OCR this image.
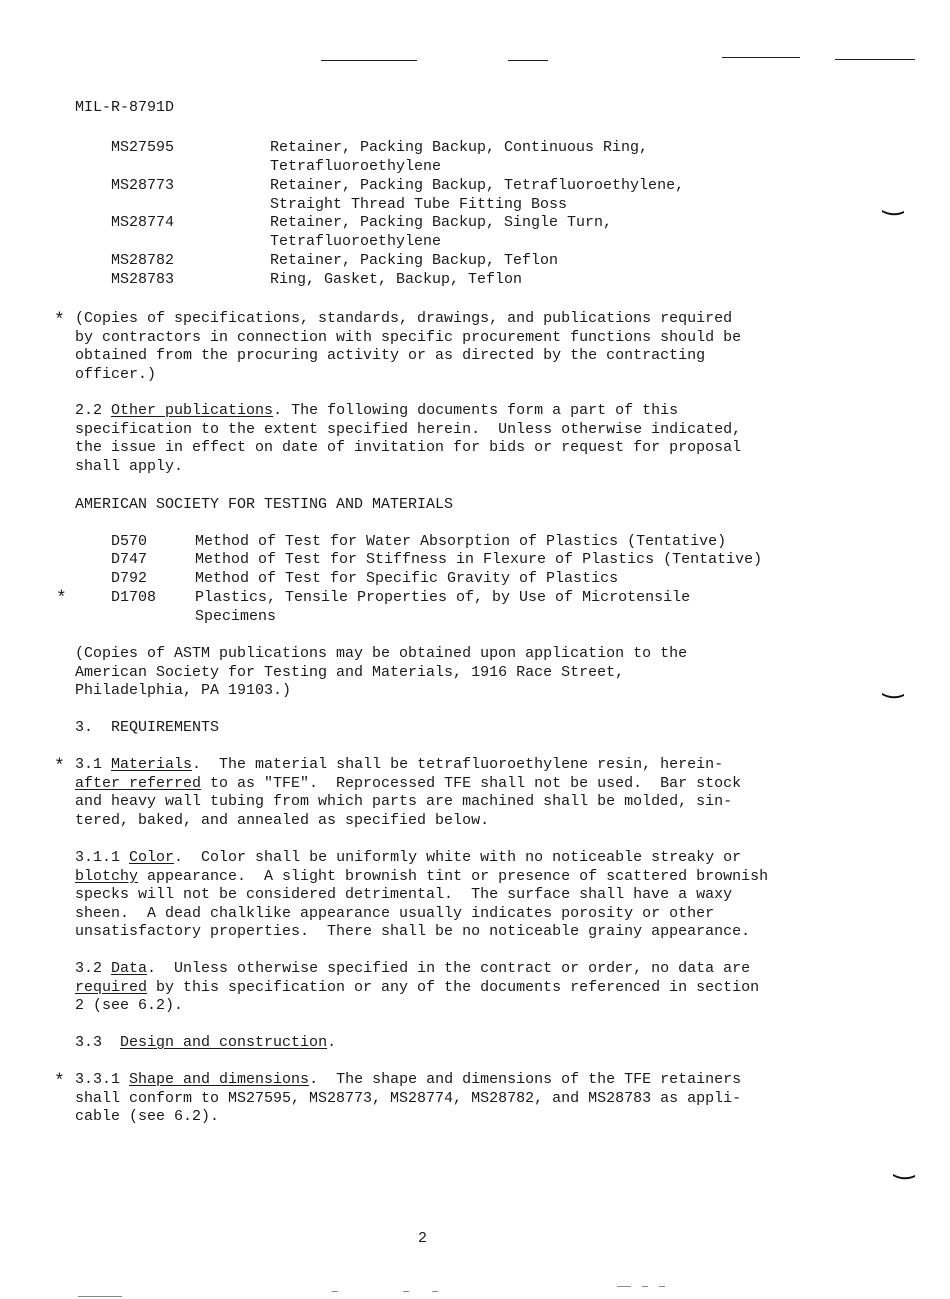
MIL-R-8791D
MS27595	Retainer, Packing Backup, Continuous Ring,
Tetrafluoroethylene
MS28773	Retainer, Packing Backup, Tetrafluoroethylene,
Straight Thread Tube Fitting Boss
MS28774	Retainer, Packing Backup, Single Turn,
Tetrafluoroethylene
MS28782	Retainer, Packing Backup, Teflon
MS28783	Ring, Gasket, Backup, Teflon
* (Copies of specifications, standards, drawings, and publications required
by contractors in connection with specific procurement functions should be
obtained from the procuring activity or as directed by the contracting
officer.)
2.2 Other publications. The following documents form a part of this
specification to the extent specified herein.  Unless otherwise indicated,
the issue in effect on date of invitation for bids or request for proposal
shall apply.
AMERICAN SOCIETY FOR TESTING AND MATERIALS
D570	Method of Test for Water Absorption of Plastics (Tentative)
D747	Method of Test for Stiffness in Flexure of Plastics (Tentative)
D792	Method of Test for Specific Gravity of Plastics
*	D1708	Plastics, Tensile Properties of, by Use of Microtensile
Specimens
(Copies of ASTM publications may be obtained upon application to the
American Society for Testing and Materials, 1916 Race Street,
Philadelphia, PA 19103.)
3. REQUIREMENTS
* 3.1 Materials.  The material shall be tetrafluoroethylene resin, herein-
after referred to as "TFE".  Reprocessed TFE shall not be used.  Bar stock
and heavy wall tubing from which parts are machined shall be molded, sin-
tered, baked, and annealed as specified below.
3.1.1 Color.  Color shall be uniformly white with no noticeable streaky or
blotchy appearance.  A slight brownish tint or presence of scattered brownish
specks will not be considered detrimental.  The surface shall have a waxy
sheen.  A dead chalklike appearance usually indicates porosity or other
unsatisfactory properties.  There shall be no noticeable grainy appearance.
3.2 Data.  Unless otherwise specified in the contract or order, no data are
required by this specification or any of the documents referenced in section
2 (see 6.2).
3.3 Design and construction.
* 3.3.1 Shape and dimensions.  The shape and dimensions of the TFE retainers
shall conform to MS27595, MS28773, MS28774, MS28782, and MS28783 as appli-
cable (see 6.2).
2
